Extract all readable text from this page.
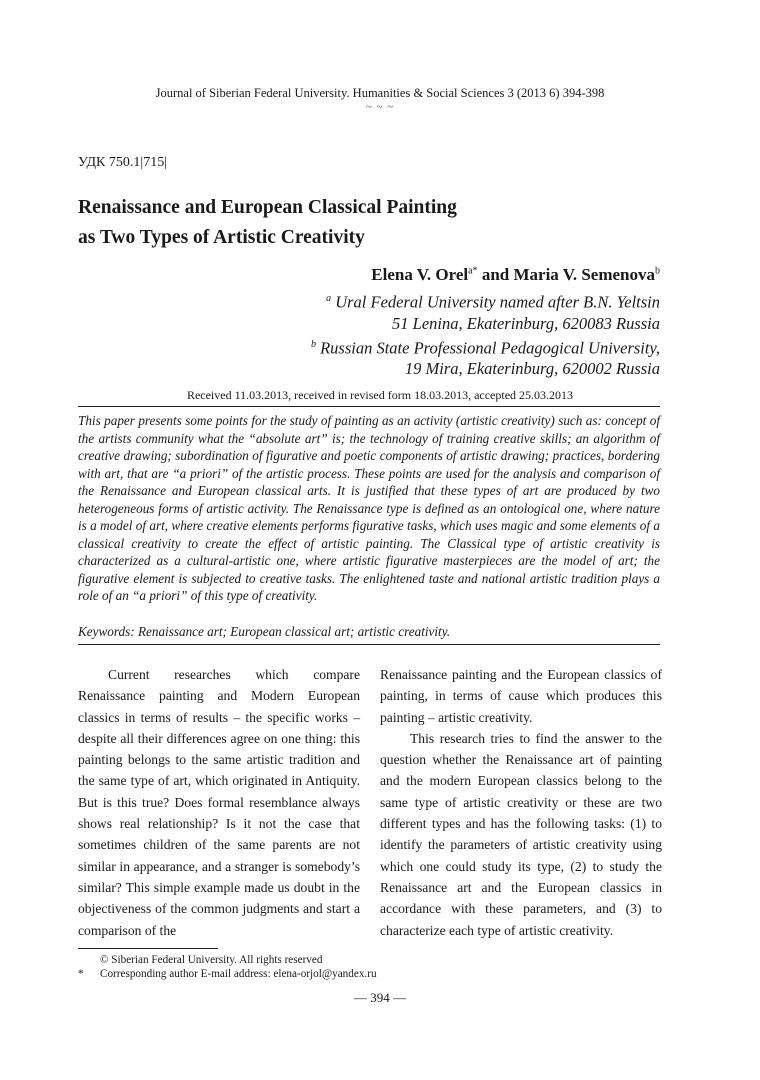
Journal of Siberian Federal University. Humanities & Social Sciences 3 (2013 6) 394-398
~ ~ ~
УДК 750.1|715|
Renaissance and European Classical Painting
as Two Types of Artistic Creativity
Elena V. Orel$^{a*}$ and Maria V. Semenova$^b$
$^a$ Ural Federal University named after B.N. Yeltsin
51 Lenina, Ekaterinburg, 620083 Russia
$^b$ Russian State Professional Pedagogical University,
19 Mira, Ekaterinburg, 620002 Russia
Received 11.03.2013, received in revised form 18.03.2013, accepted 25.03.2013

This paper presents some points for the study of painting as an activity (artistic creativity) such as: concept of the artists community what the “absolute art” is; the technology of training creative skills; an algorithm of creative drawing; subordination of figurative and poetic components of artistic drawing; practices, bordering with art, that are “a priori” of the artistic process. These points are used for the analysis and comparison of the Renaissance and European classical arts. It is justified that these types of art are produced by two heterogeneous forms of artistic activity. The Renaissance type is defined as an ontological one, where nature is a model of art, where creative elements performs figurative tasks, which uses magic and some elements of a classical creativity to create the effect of artistic painting. The Classical type of artistic creativity is characterized as a cultural-artistic one, where artistic figurative masterpieces are the model of art; the figurative element is subjected to creative tasks. The enlightened taste and national artistic tradition plays a role of an “a priori” of this type of creativity.

Keywords: Renaissance art; European classical art; artistic creativity.

Current researches which compare Renaissance painting and Modern European classics in terms of results – the specific works – despite all their differences agree on one thing: this painting belongs to the same artistic tradition and the same type of art, which originated in Antiquity. But is this true? Does formal resemblance always shows real relationship? Is it not the case that sometimes children of the same parents are not similar in appearance, and a stranger is somebody’s similar? This simple example made us doubt in the objectiveness of the common judgments and start a comparison of the

Renaissance painting and the European classics of painting, in terms of cause which produces this painting – artistic creativity.

This research tries to find the answer to the question whether the Renaissance art of painting and the modern European classics belong to the same type of artistic creativity or these are two different types and has the following tasks: (1) to identify the parameters of artistic creativity using which one could study its type, (2) to study the Renaissance art and the European classics in accordance with these parameters, and (3) to characterize each type of artistic creativity.

© Siberian Federal University. All rights reserved
* Corresponding author E-mail address: elena-orjol@yandex.ru
— 394 —
